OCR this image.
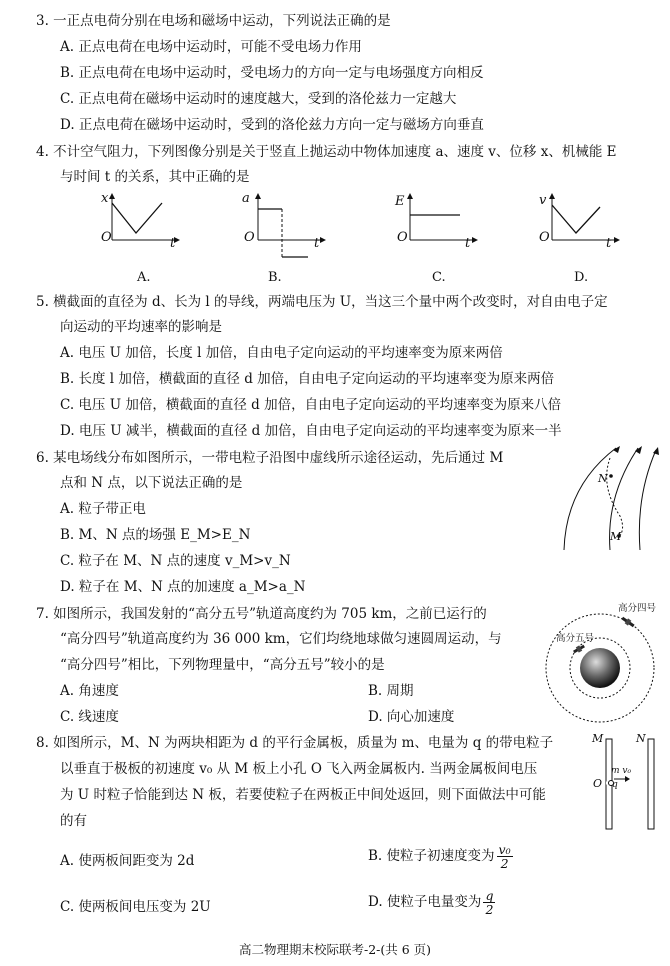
3. 一正点电荷分别在电场和磁场中运动，下列说法正确的是
A. 正点电荷在电场中运动时，可能不受电场力作用
B. 正点电荷在电场中运动时，受电场力的方向一定与电场强度方向相反
C. 正点电荷在磁场中运动时的速度越大，受到的洛伦兹力一定越大
D. 正点电荷在磁场中运动时，受到的洛伦兹力方向一定与磁场方向垂直
4. 不计空气阻力，下列图像分别是关于竖直上抛运动中物体加速度 a、速度 v、位移 x、机械能 E
与时间 t 的关系，其中正确的是
x
O	t
A.
a
O	t
B.
E
O	t
C.
v
O	t
D.
5. 横截面的直径为 d、长为 l 的导线，两端电压为 U，当这三个量中两个改变时，对自由电子定
向运动的平均速率的影响是
A. 电压 U 加倍，长度 l 加倍，自由电子定向运动的平均速率变为原来两倍
B. 长度 l 加倍，横截面的直径 d 加倍，自由电子定向运动的平均速率变为原来两倍
C. 电压 U 加倍，横截面的直径 d 加倍，自由电子定向运动的平均速率变为原来八倍
D. 电压 U 减半，横截面的直径 d 加倍，自由电子定向运动的平均速率变为原来一半
6. 某电场线分布如图所示，一带电粒子沿图中虚线所示途径运动，先后通过 M
点和 N 点，以下说法正确的是
A. 粒子带正电
B. M、N 点的场强 E_M>E_N
C. 粒子在 M、N 点的速度 v_M>v_N
D. 粒子在 M、N 点的加速度 a_M>a_N
N
M
7. 如图所示，我国发射的“高分五号”轨道高度约为 705 km，之前已运行的
“高分四号”轨道高度约为 36 000 km，它们均绕地球做匀速圆周运动，与
“高分四号”相比，下列物理量中，“高分五号”较小的是
A. 角速度	B. 周期
C. 线速度	D. 向心加速度
高分四号
高分五号
8. 如图所示，M、N 为两块相距为 d 的平行金属板，质量为 m、电量为 q 的带电粒子
以垂直于极板的初速度 v₀ 从 M 板上小孔 O 飞入两金属板内. 当两金属板间电压
为 U 时粒子恰能到达 N 板，若要使粒子在两板正中间处返回，则下面做法中可能
的有
A. 使两板间距变为 2d	B. 使粒子初速度变为 $\frac{\text{v₀}}{2}$
C. 使两板间电压变为 2U	D. 使粒子电量变为 $\frac{q}{2}$
M	N
O
m v₀
q
高二物理期末校际联考-2-(共 6 页)
